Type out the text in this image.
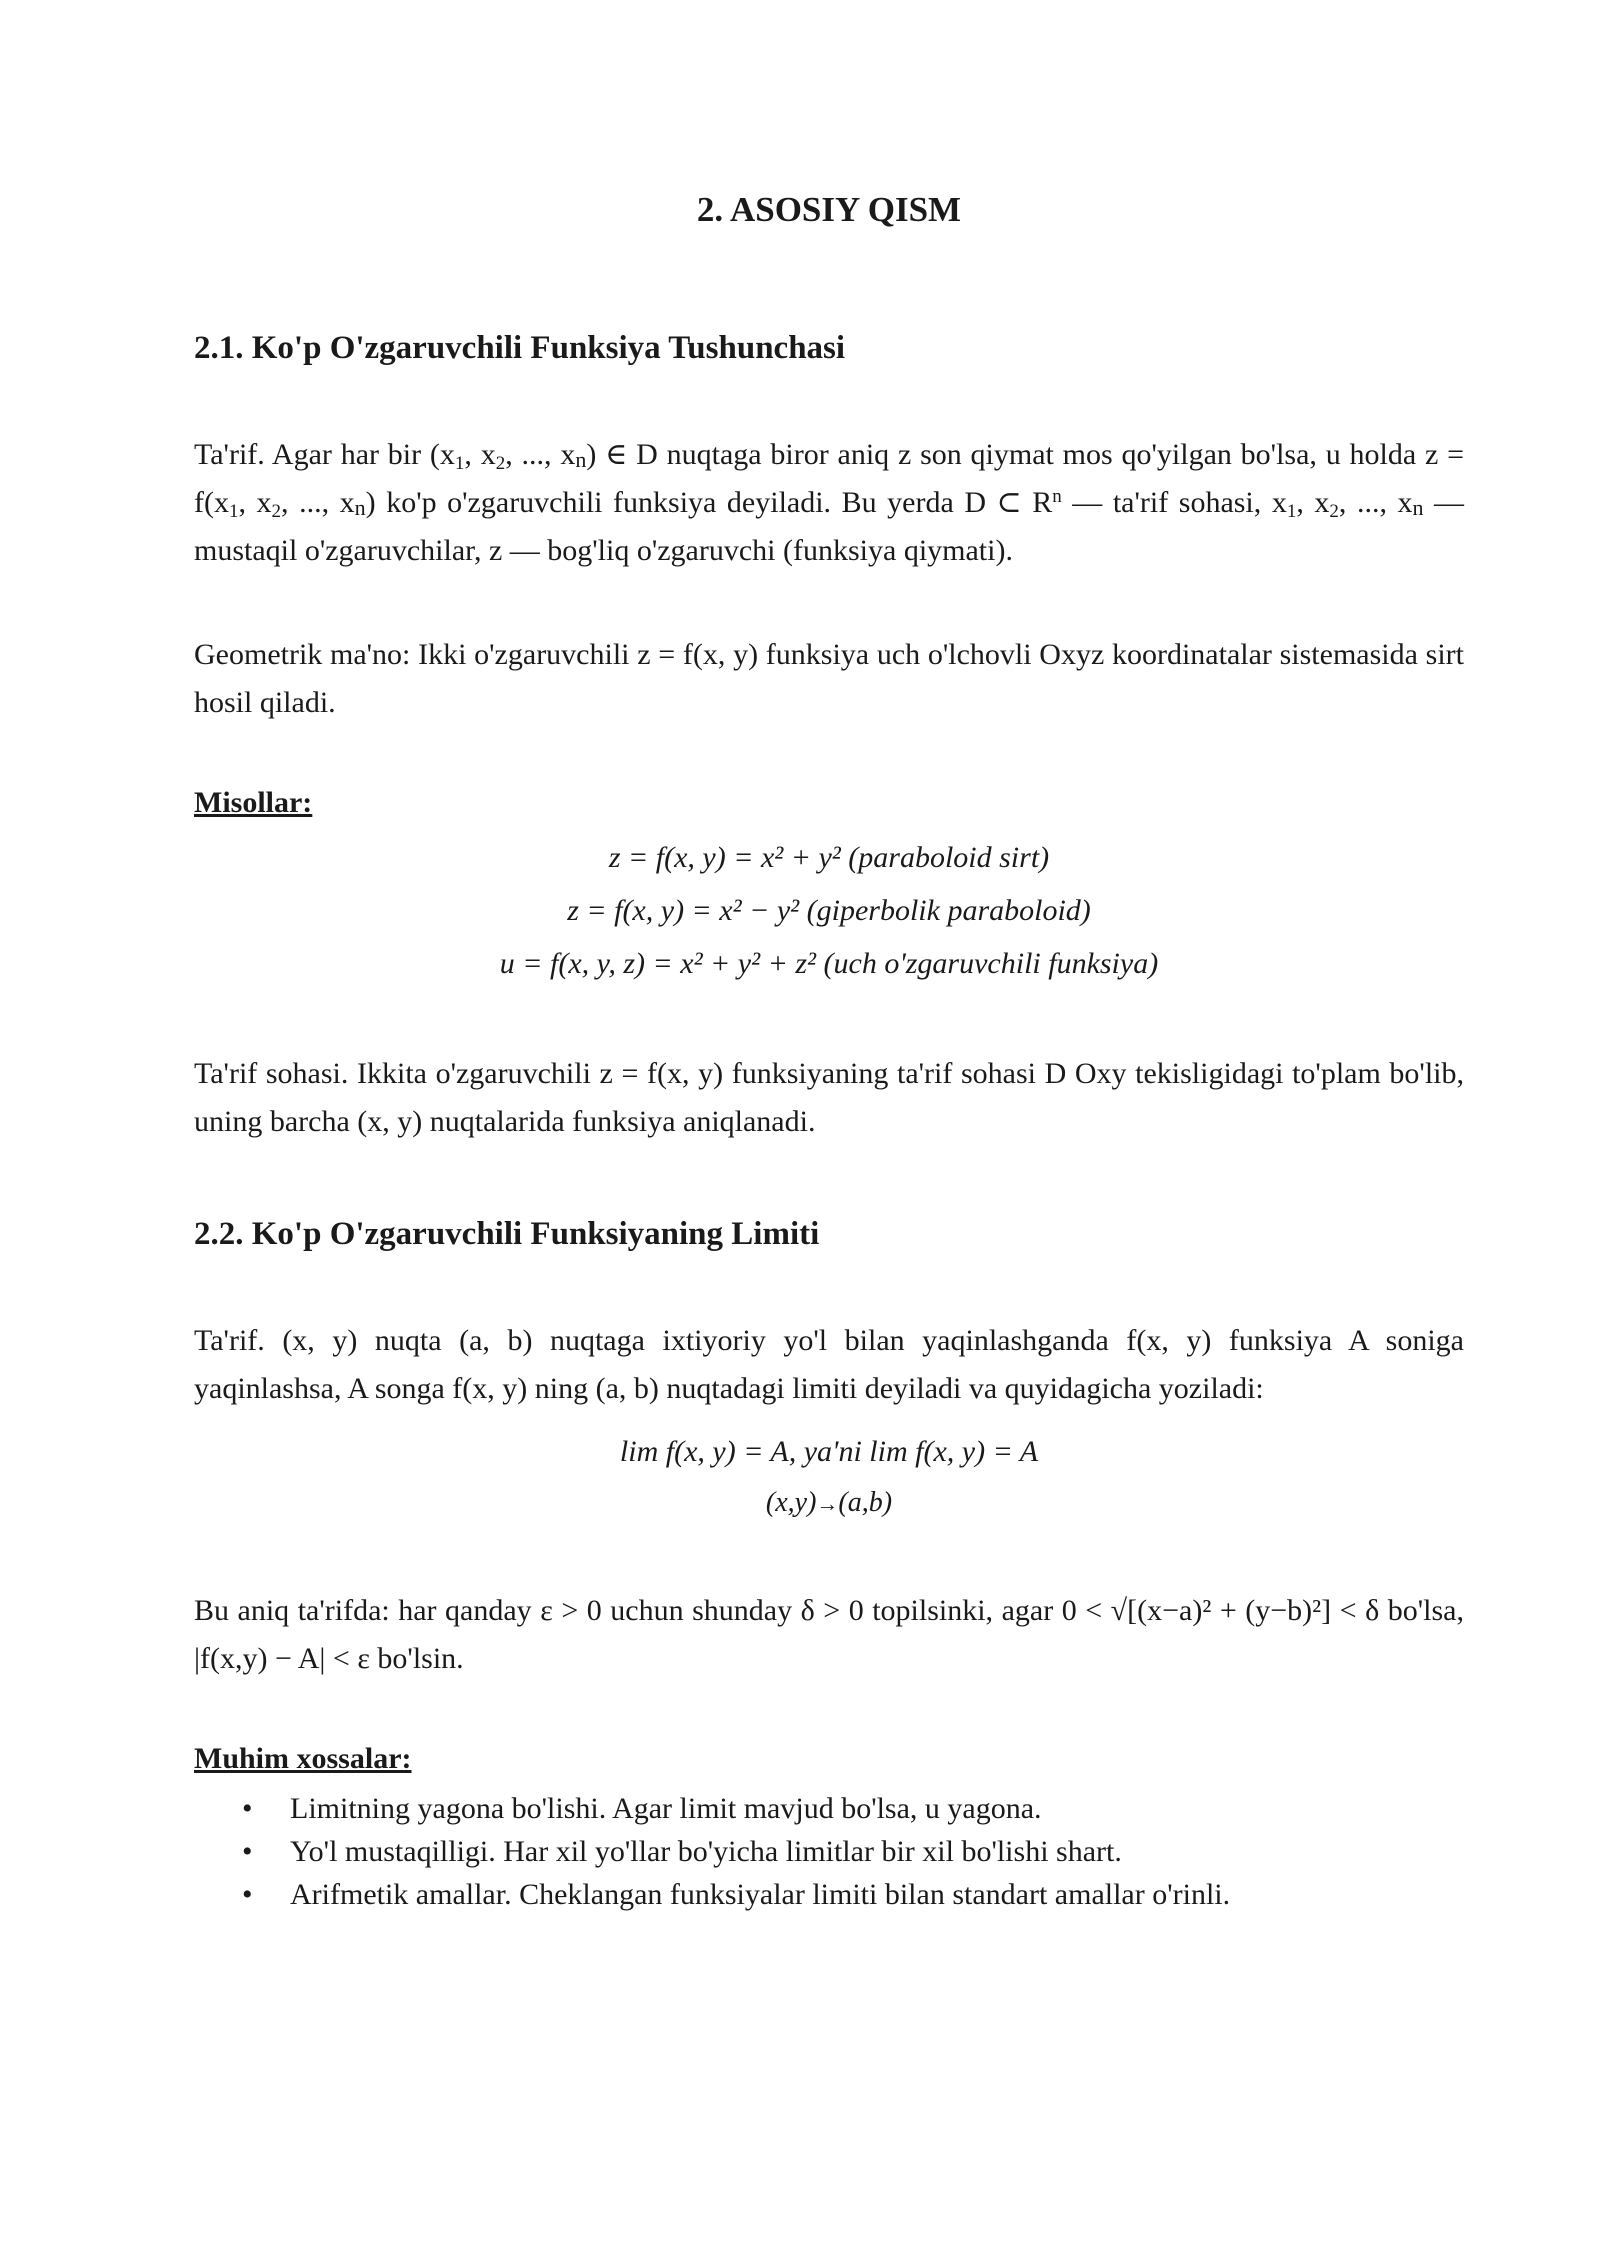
2. ASOSIY QISM
2.1. Ko'p O'zgaruvchili Funksiya Tushunchasi

Ta'rif. Agar har bir ($x_1$, $x_2$, ..., xn) ∈ D nuqtaga biror aniq z son qiymat mos qo'yilgan bo'lsa, u holda $z = f(x_1$, $x_2$, ..., xn) ko'p o'zgaruvchili funksiya deyiladi. Bu yerda D ⊂ $R^n$ — ta'rif sohasi, $x_1$, $x_2$, ..., xn — mustaqil o'zgaruvchilar, z — bog'liq o'zgaruvchi (funksiya qiymati).

Geometrik ma'no: Ikki o'zgaruvchili z = f(x, y) funksiya uch o'lchovli Oxyz koordinatalar sistemasida sirt hosil qiladi.

Misollar:
z = f(x, y) = x² + y² (paraboloid sirt)
z = f(x, y) = x² − y² (giperbolik paraboloid)
u = f(x, y, z) = x² + y² + z² (uch o'zgaruvchili funksiya)

Ta'rif sohasi. Ikkita o'zgaruvchili z = f(x, y) funksiyaning ta'rif sohasi D Oxy tekisligidagi to'plam bo'lib, uning barcha (x, y) nuqtalarida funksiya aniqlanadi.

2.2. Ko'p O'zgaruvchili Funksiyaning Limiti

Ta'rif. (x, y) nuqta (a, b) nuqtaga ixtiyoriy yo'l bilan yaqinlashganda f(x, y) funksiya A soniga yaqinlashsa, A songa f(x, y) ning (a, b) nuqtadagi limiti deyiladi va quyidagicha yoziladi:

lim f(x, y) = A, ya'ni lim f(x, y) = A
(x,y)→(a,b)

Bu aniq ta'rifda: har qanday ε > 0 uchun shunday δ > 0 topilsinki, agar 0 < √[(x−a)² + (y−b)²] < δ bo'lsa, |f(x,y) − A| < ε bo'lsin.

Muhim xossalar:
• Limitning yagona bo'lishi. Agar limit mavjud bo'lsa, u yagona.
• Yo'l mustaqilligi. Har xil yo'llar bo'yicha limitlar bir xil bo'lishi shart.
• Arifmetik amallar. Cheklangan funksiyalar limiti bilan standart amallar o'rinli.
